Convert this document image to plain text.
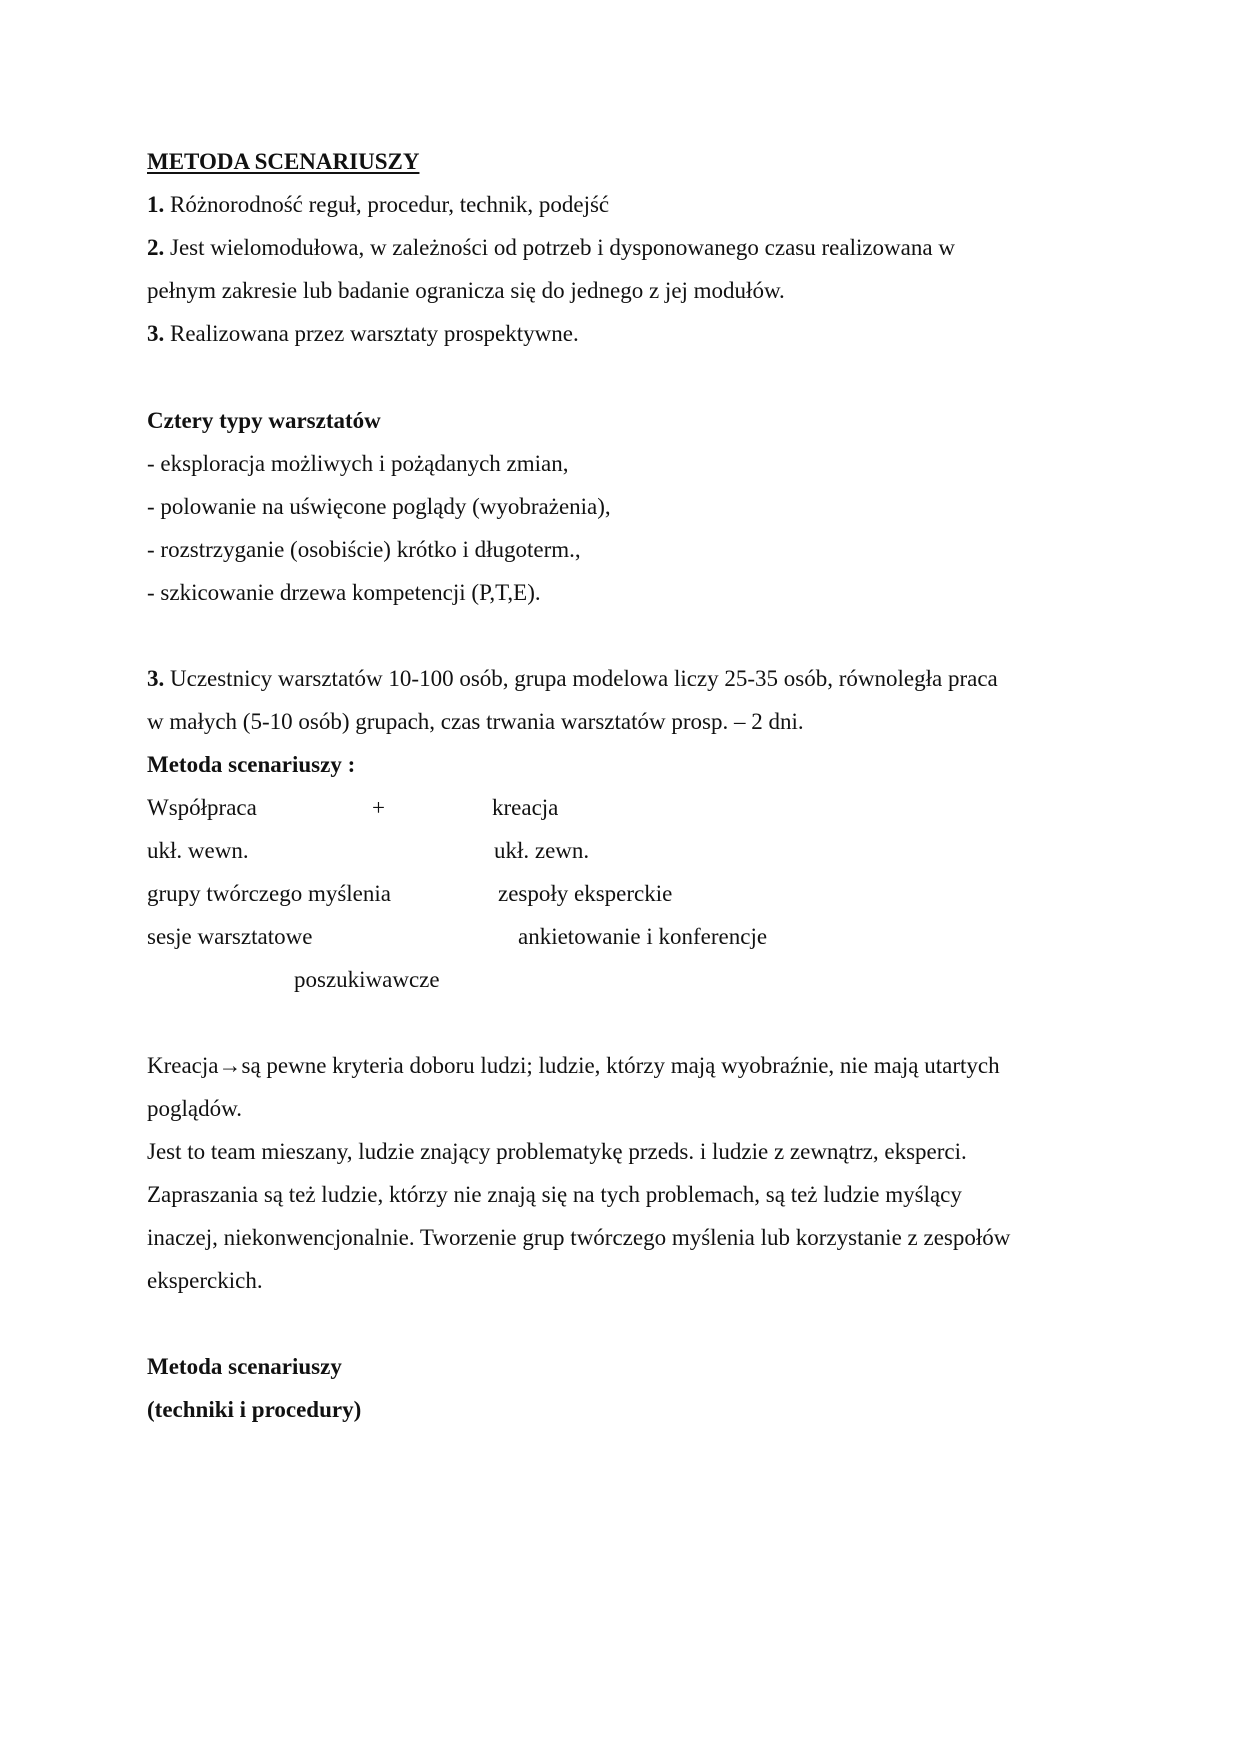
METODA SCENARIUSZY
1. Różnorodność reguł, procedur, technik, podejść
2. Jest wielomodułowa, w zależności od potrzeb i dysponowanego czasu realizowana w
pełnym zakresie lub badanie ogranicza się do jednego z jej modułów.
3. Realizowana przez warsztaty prospektywne.
Cztery typy warsztatów
- eksploracja możliwych i pożądanych zmian,
- polowanie na uświęcone poglądy (wyobrażenia),
- rozstrzyganie (osobiście) krótko i długoterm.,
- szkicowanie drzewa kompetencji (P,T,E).
3. Uczestnicy warsztatów 10-100 osób, grupa modelowa liczy 25-35 osób, równoległa praca
w małych (5-10 osób) grupach, czas trwania warsztatów prosp. – 2 dni.
Metoda scenariuszy :
Współpraca	+	kreacja
ukł. wewn.	ukł. zewn.
grupy twórczego myślenia	zespoły eksperckie
sesje warsztatowe	ankietowanie i konferencje
poszukiwawcze
Kreacja→są pewne kryteria doboru ludzi; ludzie, którzy mają wyobraźnie, nie mają utartych
poglądów.
Jest to team mieszany, ludzie znający problematykę przeds. i ludzie z zewnątrz, eksperci.
Zapraszania są też ludzie, którzy nie znają się na tych problemach, są też ludzie myślący
inaczej, niekonwencjonalnie. Tworzenie grup twórczego myślenia lub korzystanie z zespołów
eksperckich.
Metoda scenariuszy
(techniki i procedury)
